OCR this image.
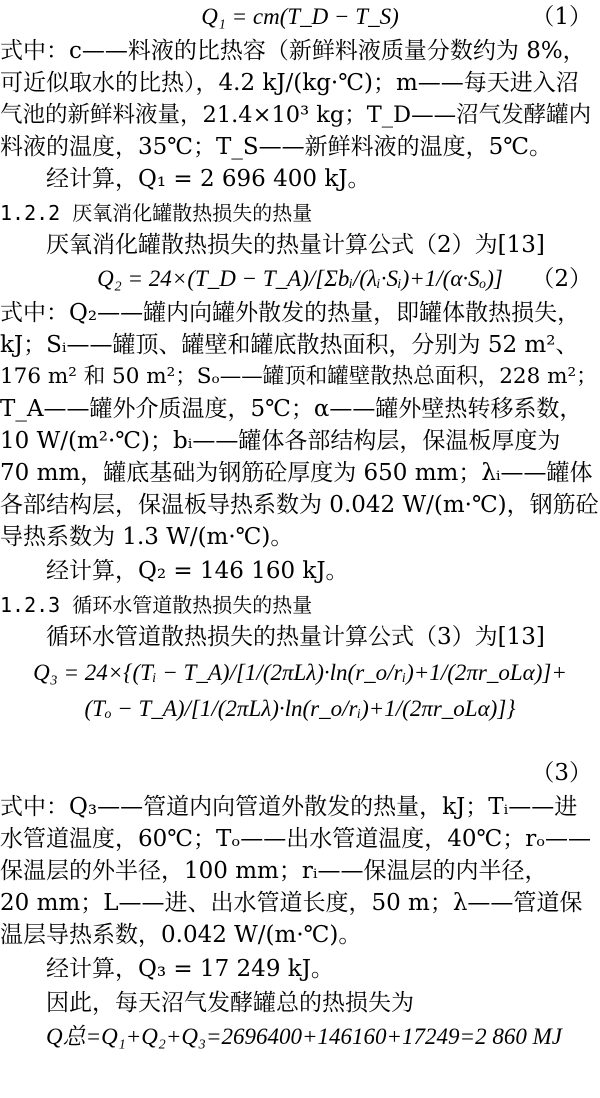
Q₁ = cm(T_D − T_S)	（1）
式中：c——料液的比热容（新鲜料液质量分数约为 8%，
可近似取水的比热），4.2 kJ/(kg·℃)；m——每天进入沼
气池的新鲜料液量，21.4×10³ kg；T_D——沼气发酵罐内
料液的温度，35℃；T_S——新鲜料液的温度，5℃。
经计算，Q₁ = 2 696 400 kJ。
1.2.2 厌氧消化罐散热损失的热量
厌氧消化罐散热损失的热量计算公式（2）为[13]
Q₂ = 24×(T_D − T_A)/[Σbᵢ/(λᵢ·Sᵢ)+1/(α·Sₒ)] （2）
式中：Q₂——罐内向罐外散发的热量，即罐体散热损失，
kJ；Sᵢ——罐顶、罐壁和罐底散热面积，分别为 52 m²、
176 m² 和 50 m²；Sₒ——罐顶和罐壁散热总面积，228 m²；
T_A——罐外介质温度，5℃；α——罐外壁热转移系数，
10 W/(m²·℃)；bᵢ——罐体各部结构层，保温板厚度为
70 mm，罐底基础为钢筋砼厚度为 650 mm；λᵢ——罐体
各部结构层，保温板导热系数为 0.042 W/(m·℃)，钢筋砼
导热系数为 1.3 W/(m·℃)。
经计算，Q₂ = 146 160 kJ。
1.2.3 循环水管道散热损失的热量
循环水管道散热损失的热量计算公式（3）为[13]
Q₃ = 24×{(Tᵢ − T_A)/[1/(2πLλ)·ln(r_o/rᵢ)+1/(2πr_oLα)]+
(Tₒ − T_A)/[1/(2πLλ)·ln(r_o/rᵢ)+1/(2πr_oLα)]}
（3）
式中：Q₃——管道内向管道外散发的热量，kJ；Tᵢ——进
水管道温度，60℃；Tₒ——出水管道温度，40℃；rₒ——
保温层的外半径，100 mm；rᵢ——保温层的内半径，
20 mm；L——进、出水管道长度，50 m；λ——管道保
温层导热系数，0.042 W/(m·℃)。
经计算，Q₃ = 17 249 kJ。
因此，每天沼气发酵罐总的热损失为
Q总=Q₁+Q₂+Q₃=2696400+146160+17249=2 860 MJ
